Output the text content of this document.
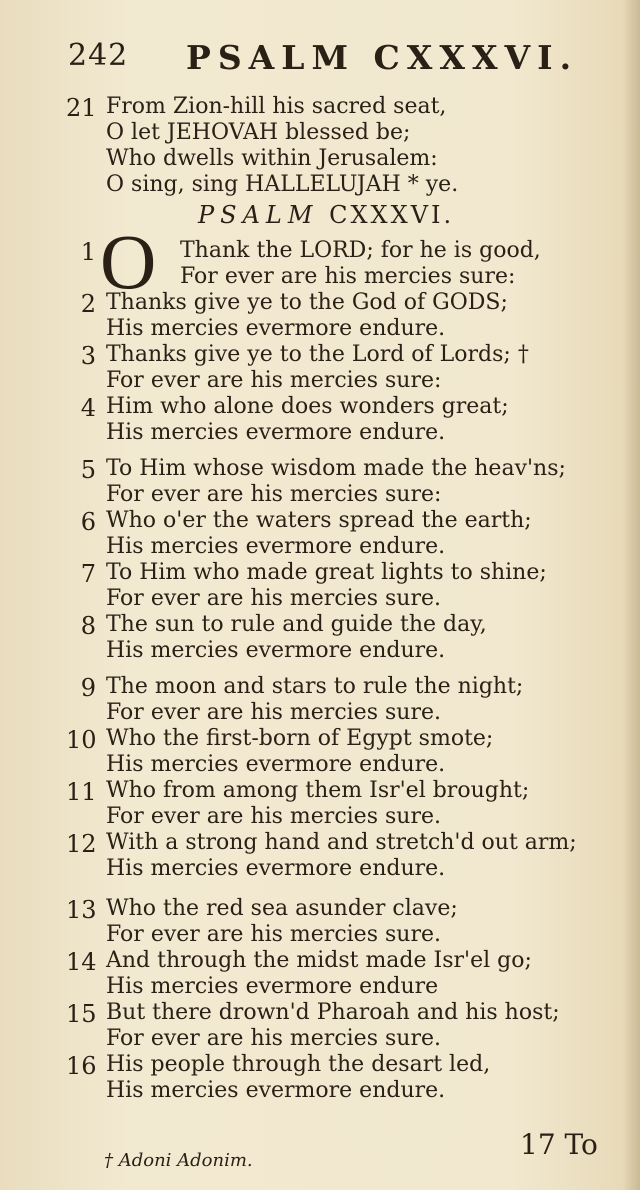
242 PSALM CXXXVI.
21 From Zion-hill his sacred seat,
O let JEHOVAH blessed be;
Who dwells within Jerusalem:
O sing, sing HALLELUJAH * ye.
PSALM CXXXVI.
1 O Thank the LORD; for he is good,
For ever are his mercies sure:
2 Thanks give ye to the God of GODS;
His mercies evermore endure.
3 Thanks give ye to the Lord of Lords; †
For ever are his mercies sure:
4 Him who alone does wonders great;
His mercies evermore endure.
5 To Him whose wisdom made the heav'ns;
For ever are his mercies sure:
6 Who o'er the waters spread the earth;
His mercies evermore endure.
7 To Him who made great lights to shine;
For ever are his mercies sure.
8 The sun to rule and guide the day,
His mercies evermore endure.
9 The moon and stars to rule the night;
For ever are his mercies sure.
10 Who the first-born of Egypt smote;
His mercies evermore endure.
11 Who from among them Isr'el brought;
For ever are his mercies sure.
12 With a strong hand and stretch'd out arm;
His mercies evermore endure.
13 Who the red sea asunder clave;
For ever are his mercies sure.
14 And through the midst made Isr'el go;
His mercies evermore endure
15 But there drown'd Pharoah and his host;
For ever are his mercies sure.
16 His people through the desart led,
His mercies evermore endure.
17 To
† Adoni Adonim.
